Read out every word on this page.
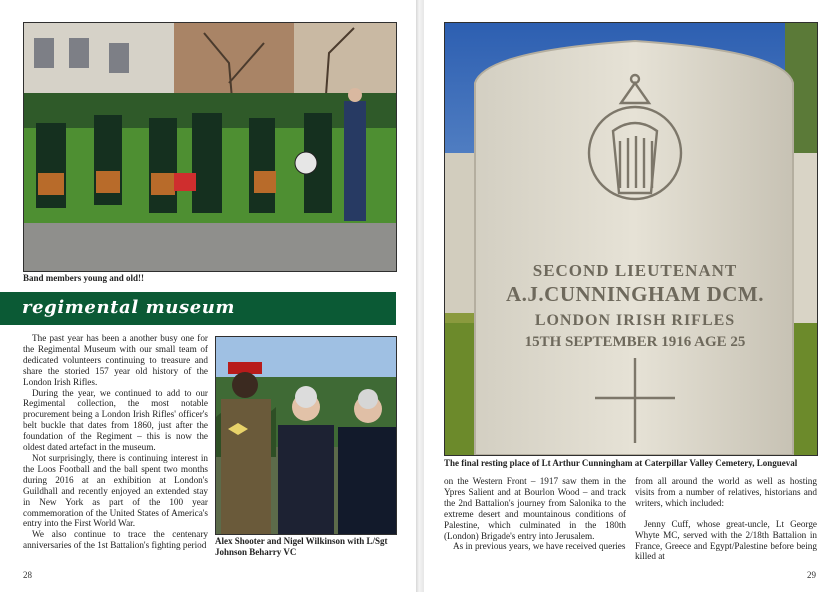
Band members young and old!!
regimental museum

The past year has been a another busy one for the Regimental Museum with our small team of dedicated volunteers continuing to treasure and share the storied 157 year old history of the London Irish Rifles.

During the year, we continued to add to our Regimental collection, the most notable procurement being a London Irish Rifles' officer's belt buckle that dates from 1860, just after the foundation of the Regiment – this is now the oldest dated artefact in the museum.

Not surprisingly, there is continuing interest in the Loos Football and the ball spent two months during 2016 at an exhibition at London's Guildhall and recently enjoyed an extended stay in New York as part of the 100 year commemoration of the United States of America's entry into the First World War.

We also continue to trace the centenary anniversaries of the 1st Battalion's fighting period Alex Shooter and Nigel Wilkinson with L/Sgt Johnson Beharry VC
28
SECOND LIEUTENANT
A.J.CUNNINGHAM DCM.
LONDON IRISH RIFLES
15TH SEPTEMBER 1916 AGE 25
The final resting place of Lt Arthur Cunningham at Caterpillar Valley Cemetery, Longueval

on the Western Front – 1917 saw them in the Ypres Salient and at Bourlon Wood – and track the 2nd Battalion's journey from Salonika to the extreme desert and mountainous conditions of Palestine, which culminated in the 180th (London) Brigade's entry into Jerusalem.

As in previous years, we have received queries

from all around the world as well as hosting visits from a number of relatives, historians and writers, which included:

Jenny Cuff, whose great-uncle, Lt George Whyte MC, served with the 2/18th Battalion in France, Greece and Egypt/Palestine before being killed at

29
